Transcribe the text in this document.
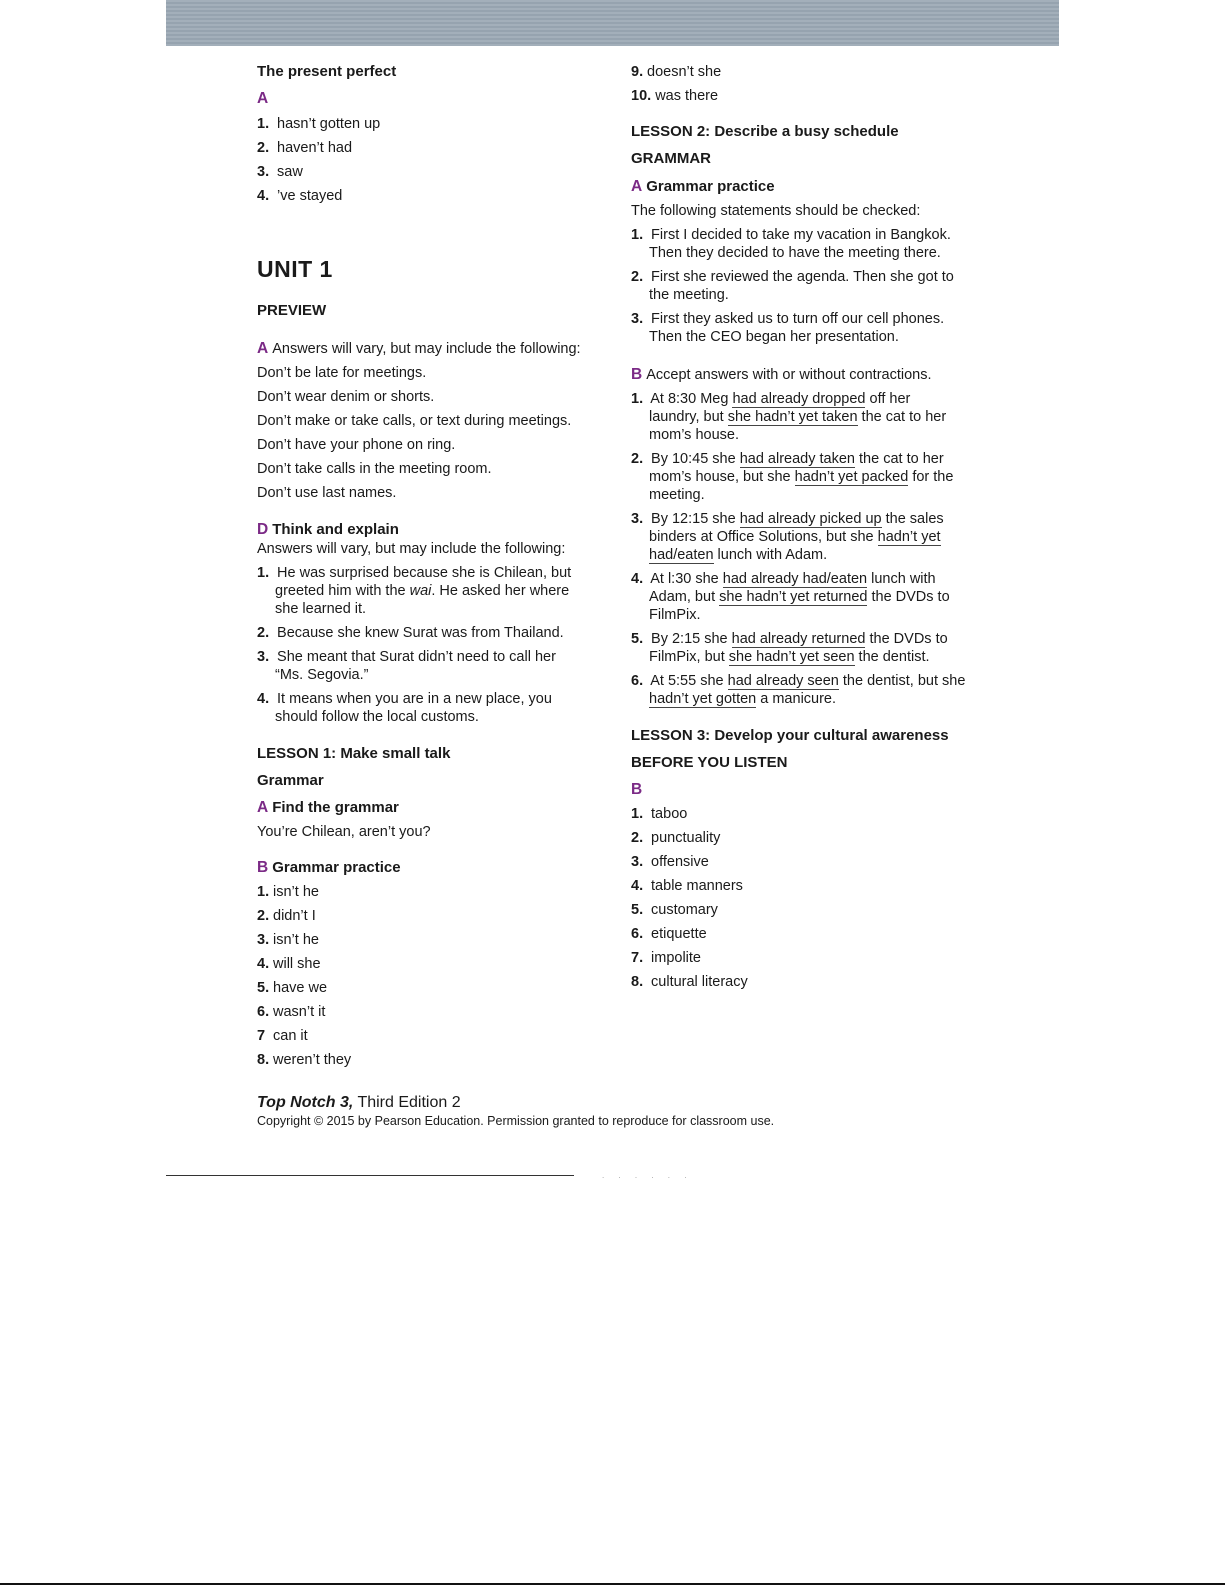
The present perfect
A
1. hasn’t gotten up
2. haven’t had
3. saw
4. ’ve stayed
UNIT 1
PREVIEW
A Answers will vary, but may include the following:
Don’t be late for meetings.
Don’t wear denim or shorts.
Don’t make or take calls, or text during meetings.
Don’t have your phone on ring.
Don’t take calls in the meeting room.
Don’t use last names.
D Think and explain
Answers will vary, but may include the following:
1. He was surprised because she is Chilean, but
greeted him with the wai. He asked her where
she learned it.
2. Because she knew Surat was from Thailand.
3. She meant that Surat didn’t need to call her
“Ms. Segovia.”
4. It means when you are in a new place, you
should follow the local customs.
LESSON 1: Make small talk
Grammar
A Find the grammar
You’re Chilean, aren’t you?
B Grammar practice
1. isn’t he
2. didn’t I
3. isn’t he
4. will she
5. have we
6. wasn’t it
7 can it
8. weren’t they
9. doesn’t she
10. was there
LESSON 2: Describe a busy schedule
GRAMMAR
A Grammar practice
The following statements should be checked:
1. First I decided to take my vacation in Bangkok.
Then they decided to have the meeting there.
2. First she reviewed the agenda. Then she got to
the meeting.
3. First they asked us to turn off our cell phones.
Then the CEO began her presentation.
B Accept answers with or without contractions.
1. At 8:30 Meg had already dropped off her
laundry, but she hadn’t yet taken the cat to her
mom’s house.
2. By 10:45 she had already taken the cat to her
mom’s house, but she hadn’t yet packed for the
meeting.
3. By 12:15 she had already picked up the sales
binders at Office Solutions, but she hadn’t yet
had/eaten lunch with Adam.
4. At l:30 she had already had/eaten lunch with
Adam, but she hadn’t yet returned the DVDs to
FilmPix.
5. By 2:15 she had already returned the DVDs to
FilmPix, but she hadn’t yet seen the dentist.
6. At 5:55 she had already seen the dentist, but she
hadn’t yet gotten a manicure.
LESSON 3: Develop your cultural awareness
BEFORE YOU LISTEN
B
1. taboo
2. punctuality
3. offensive
4. table manners
5. customary
6. etiquette
7. impolite
8. cultural literacy
Top Notch 3, Third Edition 2
Copyright © 2015 by Pearson Education. Permission granted to reproduce for classroom use.
. . . . . .
